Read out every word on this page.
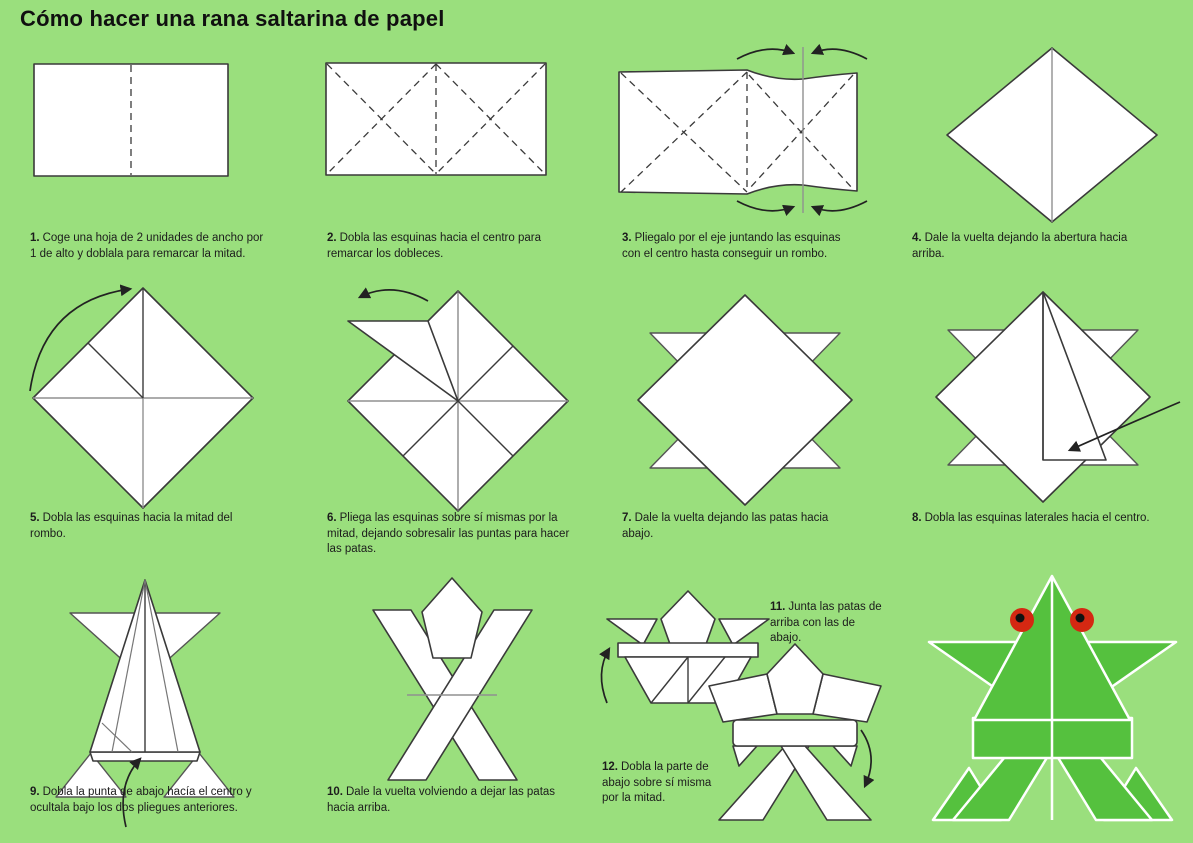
Cómo hacer una rana saltarina de papel
1. Coge una hoja de 2 unidades de ancho por 1 de alto y doblala para remarcar la mitad.
2. Dobla las esquinas hacia el centro para remarcar los dobleces.
3. Pliegalo por el eje juntando las esquinas con el centro hasta conseguir un rombo.
4. Dale la vuelta dejando la abertura hacia arriba.
5. Dobla las esquinas hacia la mitad del rombo.
6. Pliega las esquinas sobre sí mismas por la mitad, dejando sobresalir las puntas para hacer las patas.
7. Dale la vuelta dejando las patas hacia abajo.
8. Dobla las esquinas laterales hacia el centro.
9. Dobla la punta de abajo hacía el centro y ocultala bajo los dos pliegues anteriores.
10. Dale la vuelta volviendo a dejar las patas hacia arriba.
11. Junta las patas de arriba con las de abajo.
12. Dobla la parte de abajo sobre sí misma por la mitad.
